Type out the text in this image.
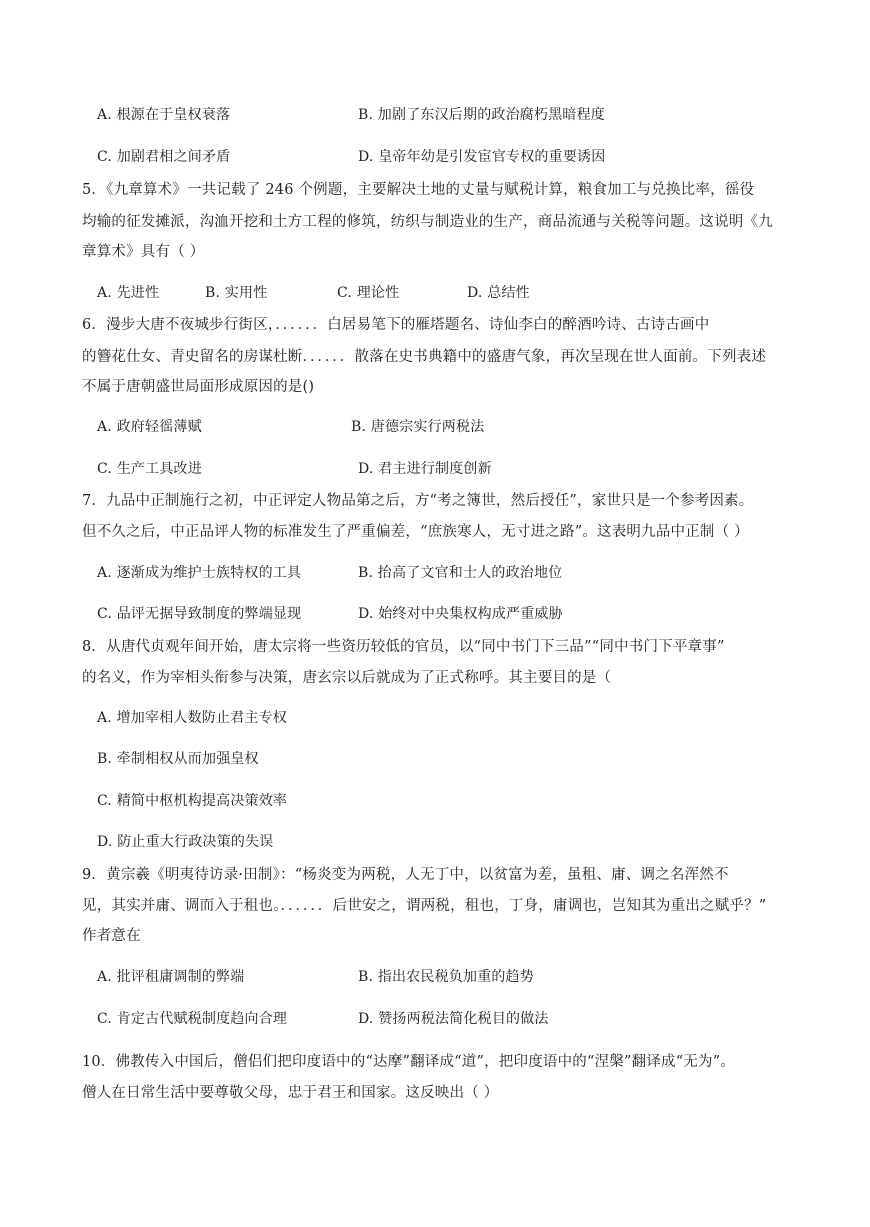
A. 根源在于皇权衰落	B. 加剧了东汉后期的政治腐朽黑暗程度
C. 加剧君相之间矛盾	D. 皇帝年幼是引发宦官专权的重要诱因
5．《九章算术》一共记载了 246 个例题，主要解决土地的丈量与赋税计算，粮食加工与兑换比率，徭役
均输的征发摊派，沟洫开挖和土方工程的修筑，纺织与制造业的生产，商品流通与关税等问题。这说明《九
章算术》具有（ ）
A. 先进性	B. 实用性	C. 理论性	D. 总结性
6．漫步大唐不夜城步行街区，．．．．．．白居易笔下的雁塔题名、诗仙李白的醉酒吟诗、古诗古画中
的簪花仕女、青史留名的房谋杜断．．．．．．散落在史书典籍中的盛唐气象，再次呈现在世人面前。下列表述
不属于唐朝盛世局面形成原因的是()
A. 政府轻徭薄赋	B. 唐德宗实行两税法
C. 生产工具改进	D. 君主进行制度创新
7．九品中正制施行之初，中正评定人物品第之后，方“考之簿世，然后授任”，家世只是一个参考因素。
但不久之后，中正品评人物的标准发生了严重偏差，“庶族寒人，无寸进之路”。这表明九品中正制（ ）
A. 逐渐成为维护士族特权的工具	B. 抬高了文官和士人的政治地位
C. 品评无据导致制度的弊端显现	D. 始终对中央集权构成严重威胁
8．从唐代贞观年间开始，唐太宗将一些资历较低的官员，以“同中书门下三品”“同中书门下平章事”
的名义，作为宰相头衔参与决策，唐玄宗以后就成为了正式称呼。其主要目的是（
A. 增加宰相人数防止君主专权
B. 牵制相权从而加强皇权
C. 精简中枢机构提高决策效率
D. 防止重大行政决策的失误
9．黄宗羲《明夷待访录·田制》：“杨炎变为两税，人无丁中，以贫富为差，虽租、庸、调之名浑然不
见，其实并庸、调而入于租也。．．．．．．后世安之，谓两税，租也，丁身，庸调也，岂知其为重出之赋乎？”
作者意在
A. 批评租庸调制的弊端	B. 指出农民税负加重的趋势
C. 肯定古代赋税制度趋向合理	D. 赞扬两税法简化税目的做法
10．佛教传入中国后，僧侣们把印度语中的“达摩”翻译成“道”，把印度语中的“涅槃”翻译成“无为”。
僧人在日常生活中要尊敬父母，忠于君王和国家。这反映出（ ）
